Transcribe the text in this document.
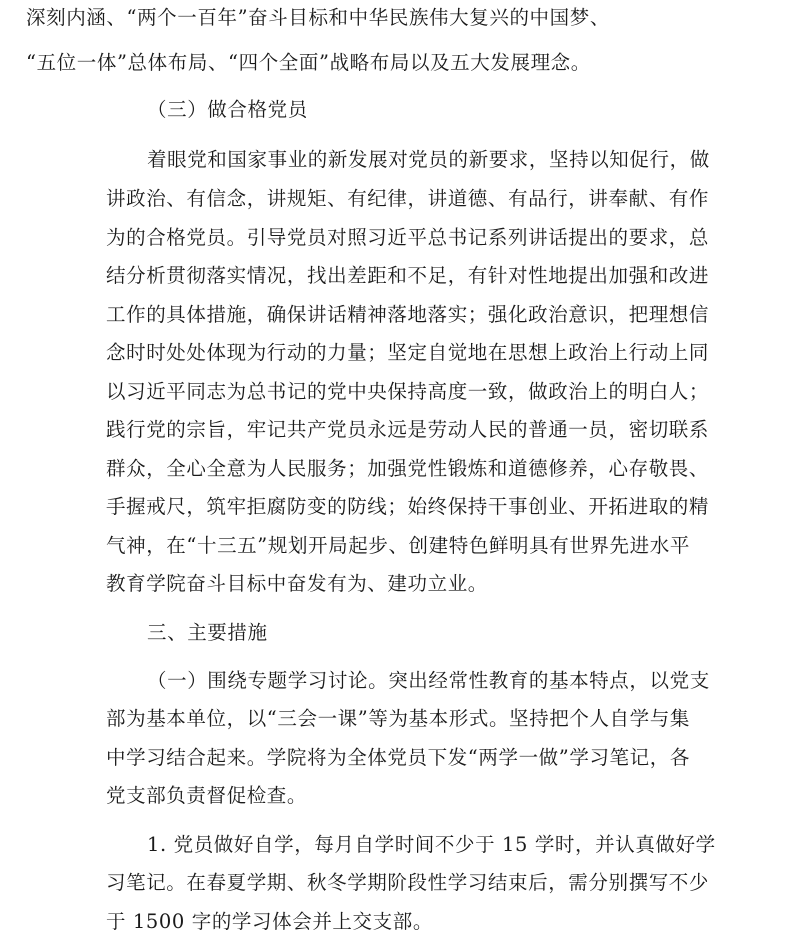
深刻内涵、“两个一百年”奋斗目标和中华民族伟大复兴的中国梦、
“五位一体”总体布局、“四个全面”战略布局以及五大发展理念。
（三）做合格党员
着眼党和国家事业的新发展对党员的新要求，坚持以知促行，做
讲政治、有信念，讲规矩、有纪律，讲道德、有品行，讲奉献、有作
为的合格党员。引导党员对照习近平总书记系列讲话提出的要求，总
结分析贯彻落实情况，找出差距和不足，有针对性地提出加强和改进
工作的具体措施，确保讲话精神落地落实；强化政治意识，把理想信
念时时处处体现为行动的力量；坚定自觉地在思想上政治上行动上同
以习近平同志为总书记的党中央保持高度一致，做政治上的明白人；
践行党的宗旨，牢记共产党员永远是劳动人民的普通一员，密切联系
群众，全心全意为人民服务；加强党性锻炼和道德修养，心存敬畏、
手握戒尺，筑牢拒腐防变的防线；始终保持干事创业、开拓进取的精
气神，在“十三五”规划开局起步、创建特色鲜明具有世界先进水平
教育学院奋斗目标中奋发有为、建功立业。
三、主要措施
（一）围绕专题学习讨论。突出经常性教育的基本特点，以党支
部为基本单位，以“三会一课”等为基本形式。坚持把个人自学与集
中学习结合起来。学院将为全体党员下发“两学一做”学习笔记，各
党支部负责督促检查。
1. 党员做好自学，每月自学时间不少于 15 学时，并认真做好学
习笔记。在春夏学期、秋冬学期阶段性学习结束后，需分别撰写不少
于 1500 字的学习体会并上交支部。
